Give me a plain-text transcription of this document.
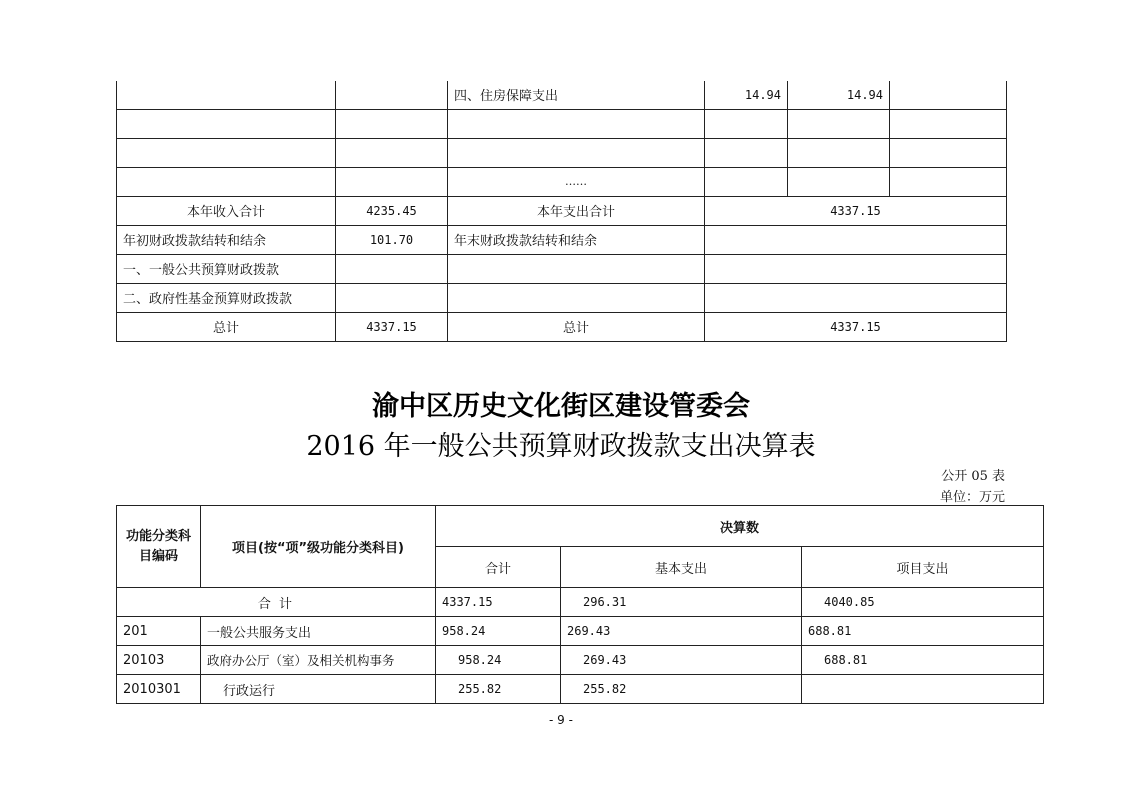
		四、住房保障支出	14.94	14.94	

		……			
本年收入合计	4235.45	本年支出合计	4337.15		
年初财政拨款结转和结余	101.70	年末财政拨款结转和结余			
一、一般公共预算财政拨款					
二、政府性基金预算财政拨款					
总计	4337.15	总计	4337.15		
渝中区历史文化街区建设管委会
2016 年一般公共预算财政拨款支出决算表
公开 05 表
单位：万元
功能分类科目编码	项目(按“项”级功能分类科目)	决算数		
		合计	基本支出	项目支出
合 计		4337.15	296.31	4040.85
201	一般公共服务支出	958.24	269.43	688.81
20103	政府办公厅（室）及相关机构事务	958.24	269.43	688.81
2010301	行政运行	255.82	255.82	
- 9 -
